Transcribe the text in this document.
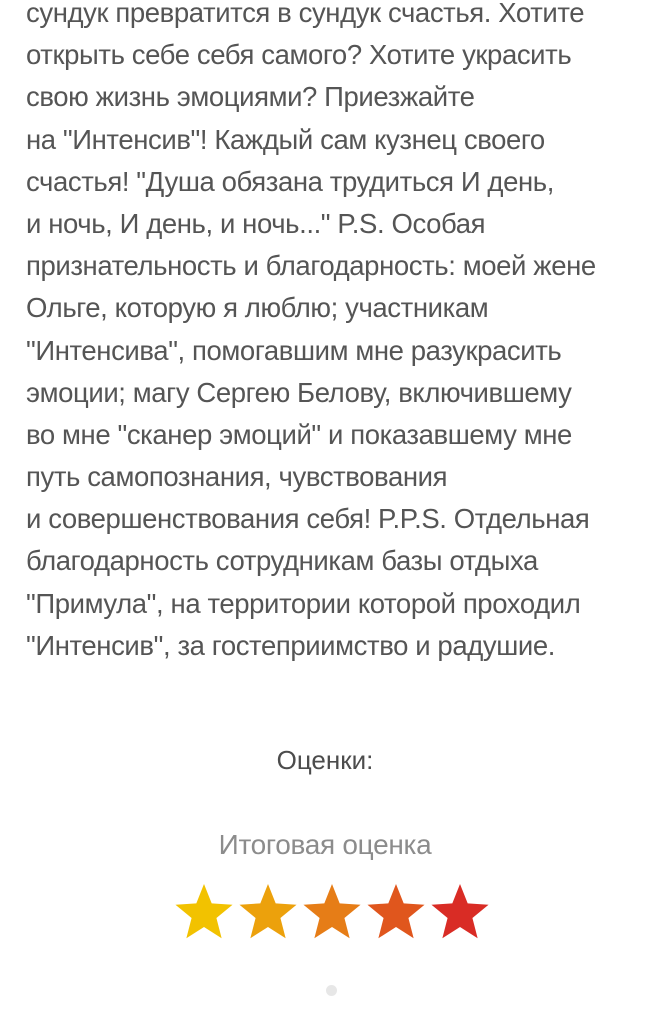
сундук превратится в сундук счастья. Хотите
открыть себе себя самого? Хотите украсить
свою жизнь эмоциями? Приезжайте
на "Интенсив"! Каждый сам кузнец своего
счастья! "Душа обязана трудиться И день,
и ночь, И день, и ночь..." P.S. Особая
признательность и благодарность: моей жене
Ольге, которую я люблю; участникам
"Интенсива", помогавшим мне разукрасить
эмоции; магу Сергею Белову, включившему
во мне "сканер эмоций" и показавшему мне
путь самопознания, чувствования
и совершенствования себя! P.P.S. Отдельная
благодарность сотрудникам базы отдыха
"Примула", на территории которой проходил
"Интенсив", за гостеприимство и радушие.
Оценки:
Итоговая оценка
